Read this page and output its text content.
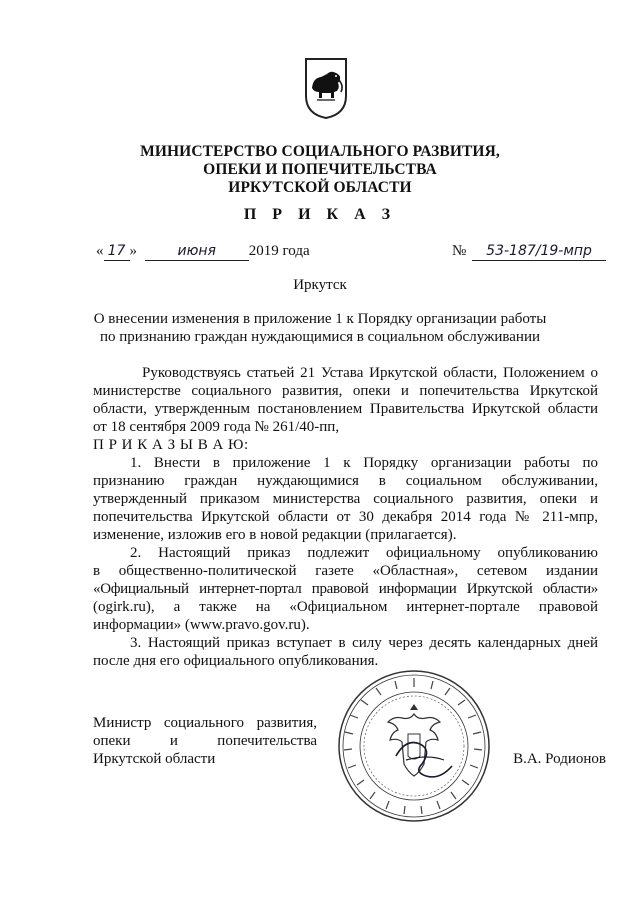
МИНИСТЕРСТВО СОЦИАЛЬНОГО РАЗВИТИЯ,
ОПЕКИ И ПОПЕЧИТЕЛЬСТВА
ИРКУТСКОЙ ОБЛАСТИ
П Р И К А З
« 17 »	июня 2019 года	№ 53-187/19-мпр
Иркутск
О внесении изменения в приложение 1 к Порядку организации работы
по признанию граждан нуждающимися в социальном обслуживании
Руководствуясь статьей 21 Устава Иркутской области, Положением о
министерстве социального развития, опеки и попечительства Иркутской
области, утвержденным постановлением Правительства Иркутской области
от 18 сентября 2009 года № 261/40-пп,
П Р И К А З Ы В А Ю:
1. Внести в приложение 1 к Порядку организации работы по
признанию граждан нуждающимися в социальном обслуживании,
утвержденный приказом министерства социального развития, опеки и
попечительства Иркутской области от 30 декабря 2014 года № 211-мпр,
изменение, изложив его в новой редакции (прилагается).
2. Настоящий приказ подлежит официальному опубликованию
в общественно-политической газете «Областная», сетевом издании
«Официальный интернет-портал правовой информации Иркутской области»
(ogirk.ru), а также на «Официальном интернет-портале правовой
информации» (www.pravo.gov.ru).
3. Настоящий приказ вступает в силу через десять календарных дней
после дня его официального опубликования.
Министр социального развития,
опеки и попечительства
Иркутской области	В.А. Родионов
